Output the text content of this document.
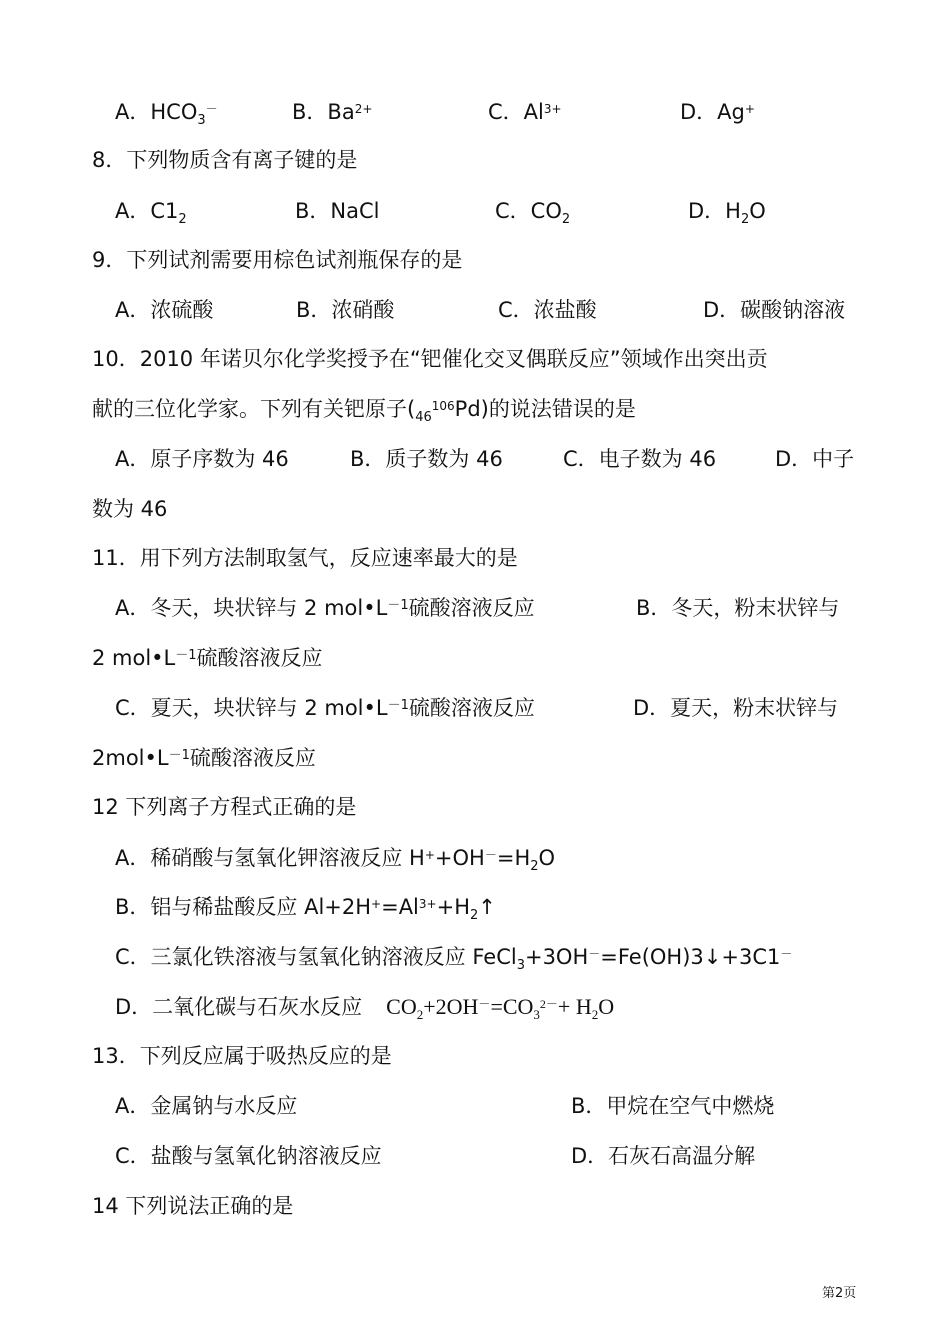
A．$HCO_3^-$	B．$Ba^{2+}$	C．$Al^{3+}$	D．Ag+
8．下列物质含有离子键的是
A．$C1_2$	B．NaCl	C．$CO_2$	D．$H_2O$
9．下列试剂需要用棕色试剂瓶保存的是
A．浓硫酸	B．浓硝酸	C．浓盐酸	D．碳酸钠溶液
10．2010 年诺贝尔化学奖授予在“钯催化交叉偶联反应”领域作出突出贡
献的三位化学家。下列有关钯原子$(_{46}^{106}Pd)$的说法错误的是
A．原子序数为 46	B．质子数为 46	C．电子数为 46	D．中子
数为 46
11．用下列方法制取氢气，反应速率最大的是
A．冬天，块状锌与 2 $mol•L^{-1}$硫酸溶液反应	B．冬天，粉末状锌与
2 $mol•L^{-1}$硫酸溶液反应
C．夏天，块状锌与 2 $mol•L^{-1}$硫酸溶液反应	D．夏天，粉末状锌与
$2mol•L^{-1}$硫酸溶液反应
12 下列离子方程式正确的是
A．稀硝酸与氢氧化钾溶液反应 $H^++OH^-=H_2O$
B．铝与稀盐酸反应 $Al+2H^+=Al^{3+}+H_2↑$
C．三氯化铁溶液与氢氧化钠溶液反应 FeCl$_3$+3OH－=Fe(OH)3↓+3C1－
D．二氧化碳与石灰水反应 $CO_2+2OH^-=CO_3^{2-}+ H_2O$
13．下列反应属于吸热反应的是
A．金属钠与水反应	B．甲烷在空气中燃烧
C．盐酸与氢氧化钠溶液反应	D．石灰石高温分解
14 下列说法正确的是
第2页
